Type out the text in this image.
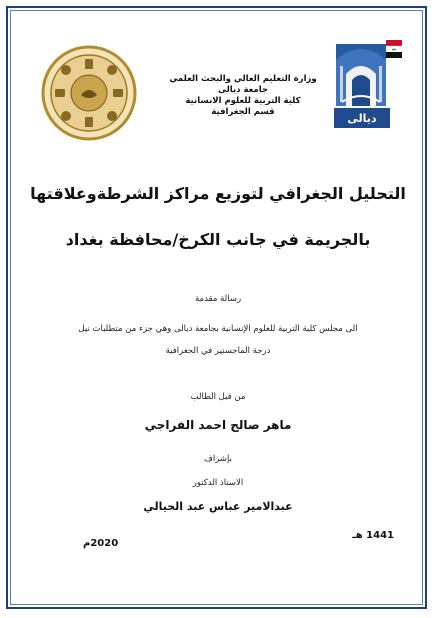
ديالى
وزارة التعليم العالي والبحث العلمي
جامعة ديالى
كلية التربية للعلوم الانسانية
قسم الجغرافية
التحليل الجغرافي لتوزيع مراكز الشرطةوعلاقتها
بالجريمة في جانب الكرخ/محافظة بغداد
رسالة مقدمة
الى مجلس كلية التربية للعلوم الإنسانية بجامعة ديالى وهي جزء من متطلبات نيل
درجة الماجستير في الجغرافية
من قبل الطالب
ماهر صالح احمد الفراجي
بإشراف
الاستاذ الدكتور
عبدالامير عباس عبد الحيالي
1441 هـ
2020م
